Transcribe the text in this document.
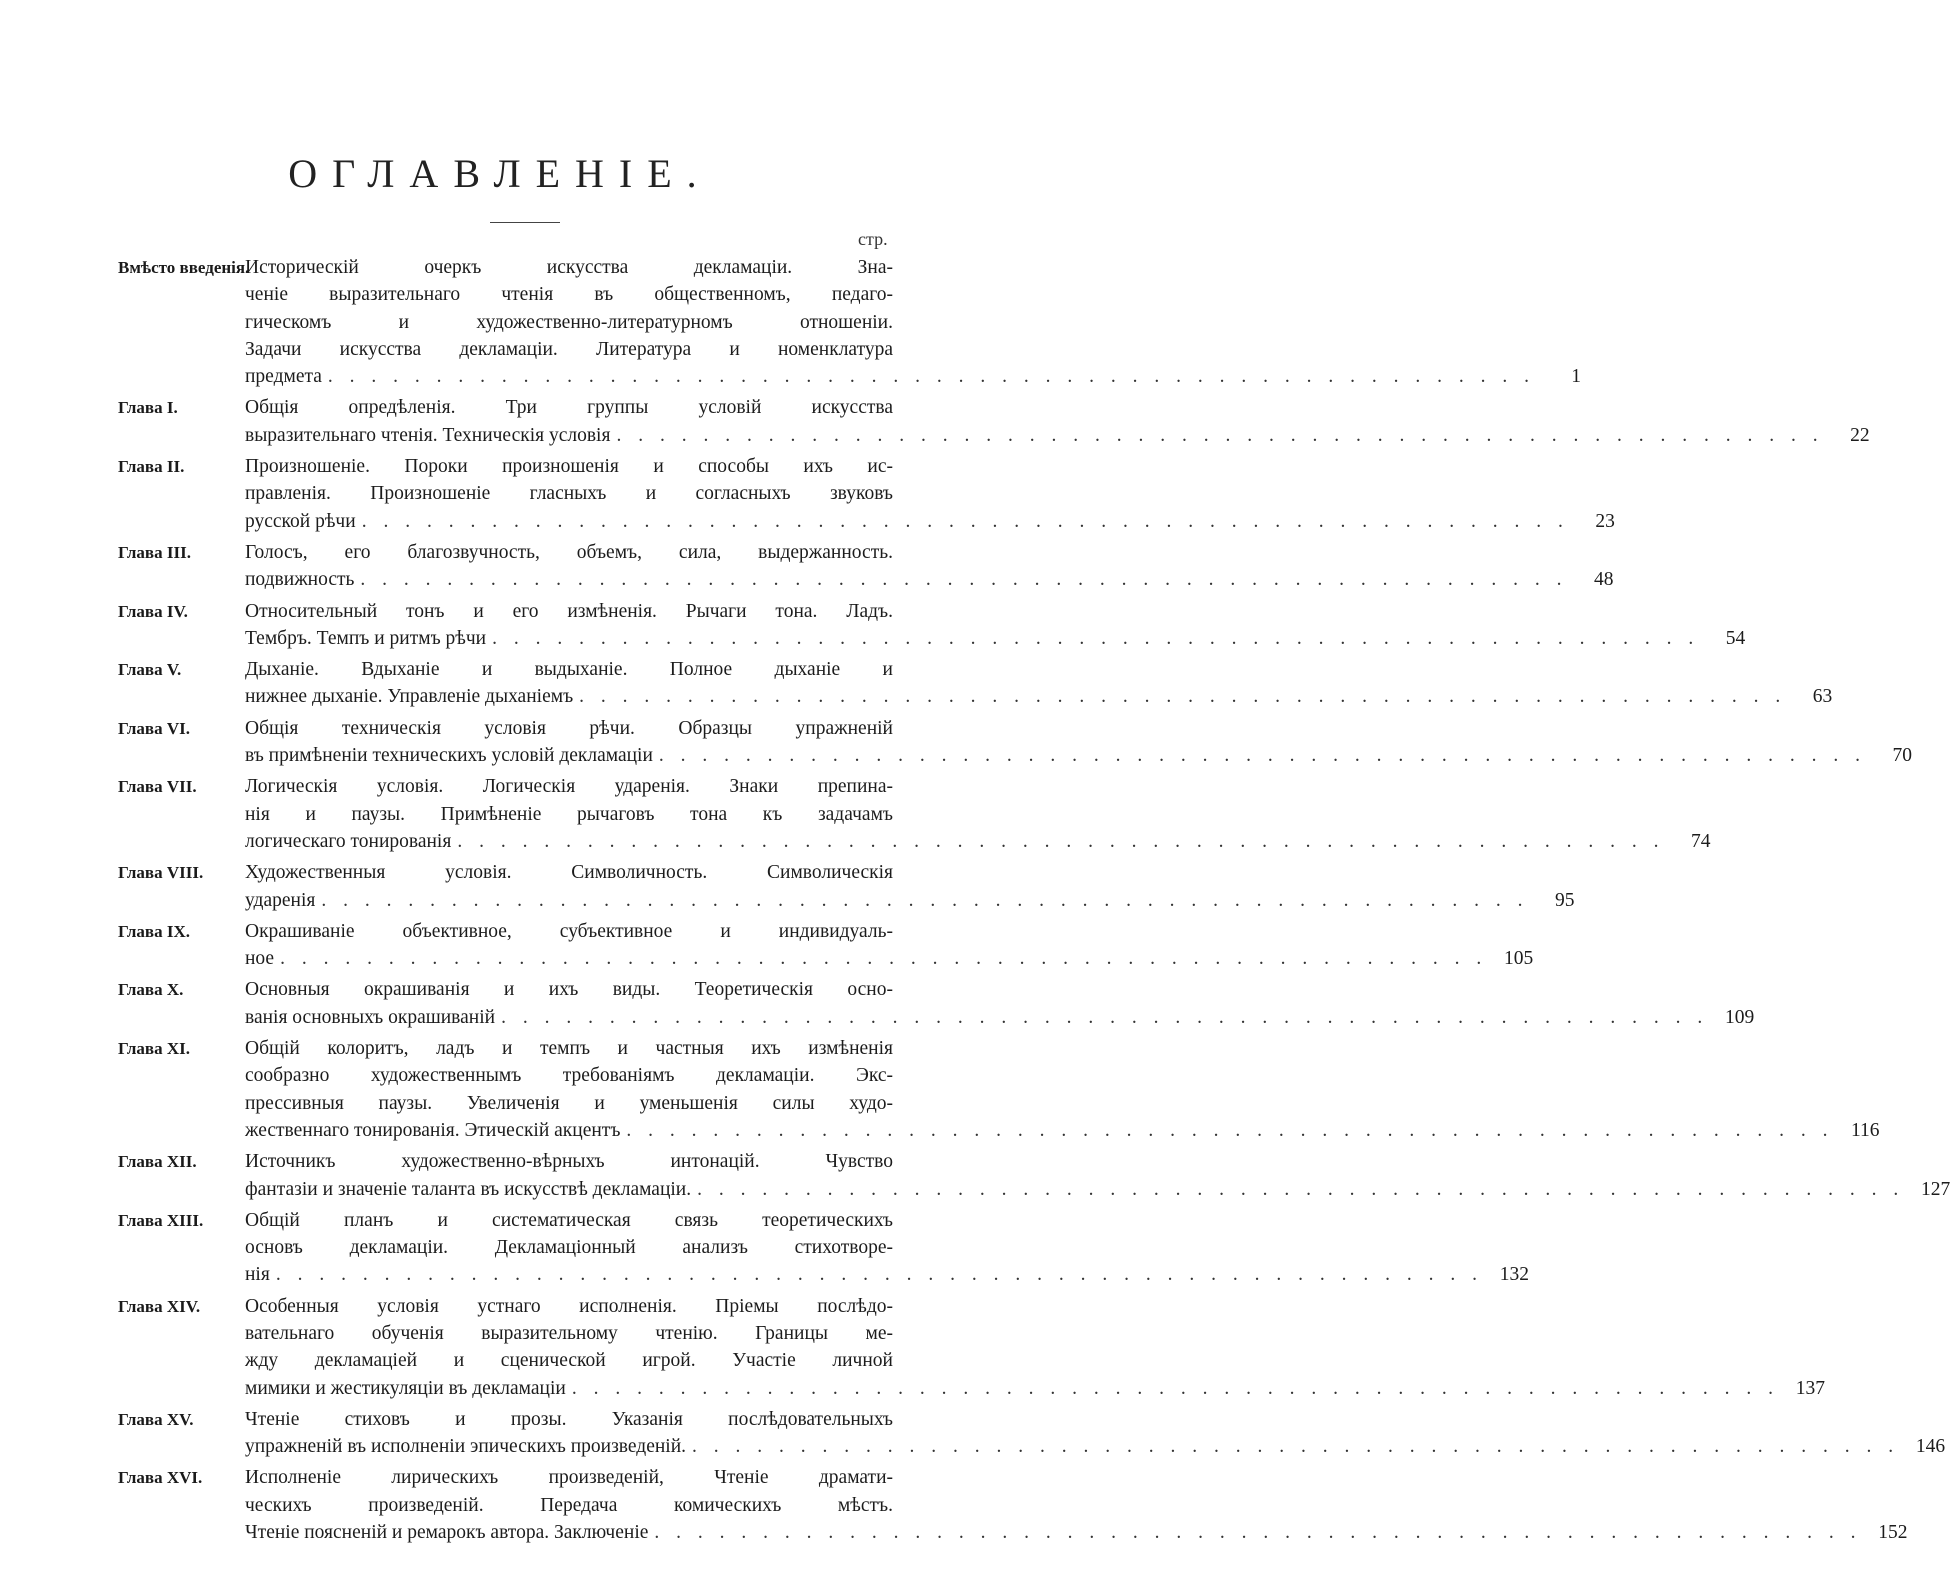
ОГЛАВЛЕНІЕ.
стр.
Вмѣсто введенія.
Историческій очеркъ искусства декламаціи. Зна-
ченіе выразительнаго чтенія въ общественномъ, педаго-
гическомъ и художественно-литературномъ отношеніи.
Задачи искусства декламаціи. Литература и номенклатура
предмета . . . . . . . . . . . . . . . . . . . . . . . . . . . . . . . . . . . . . . . . . . . . . . . . . . . . . . . .	1
Глава I.	Общія опредѣленія. Три группы условій искусства
выразительнаго чтенія. Техническія условія . . . . . . . . . . . . . . . . . . . . . . . . . . . . . . . . . . . . . . . . . . . . . . . . . . . . . . . .	22
Глава II.	Произношеніе. Пороки произношенія и способы ихъ ис-
правленія. Произношеніе гласныхъ и согласныхъ звуковъ
русской рѣчи . . . . . . . . . . . . . . . . . . . . . . . . . . . . . . . . . . . . . . . . . . . . . . . . . . . . . . . .	23
Глава III.	Голосъ, его благозвучность, объемъ, сила, выдержанность.
подвижность . . . . . . . . . . . . . . . . . . . . . . . . . . . . . . . . . . . . . . . . . . . . . . . . . . . . . . . .	48
Глава IV.	Относительный тонъ и его измѣненія. Рычаги тона. Ладъ.
Тембръ. Темпъ и ритмъ рѣчи . . . . . . . . . . . . . . . . . . . . . . . . . . . . . . . . . . . . . . . . . . . . . . . . . . . . . . . .	54
Глава V.	Дыханіе. Вдыханіе и выдыханіе. Полное дыханіе и
нижнее дыханіе. Управленіе дыханіемъ . . . . . . . . . . . . . . . . . . . . . . . . . . . . . . . . . . . . . . . . . . . . . . . . . . . . . . . .	63
Глава VI.	Общія техническія условія рѣчи. Образцы упражненій
въ примѣненіи техническихъ условій декламаціи . . . . . . . . . . . . . . . . . . . . . . . . . . . . . . . . . . . . . . . . . . . . . . . . . . . . . . . .	70
Глава VII. Логическія условія. Логическія ударенія. Знаки препина-
нія и паузы. Примѣненіе рычаговъ тона къ задачамъ
логическаго тонированія . . . . . . . . . . . . . . . . . . . . . . . . . . . . . . . . . . . . . . . . . . . . . . . . . . . . . . . .	74
Глава VIII. Художественныя условія. Символичность. Символическія
ударенія . . . . . . . . . . . . . . . . . . . . . . . . . . . . . . . . . . . . . . . . . . . . . . . . . . . . . . . .	95
Глава IX.	Окрашиваніе объективное, субъективное и индивидуаль-
ное . . . . . . . . . . . . . . . . . . . . . . . . . . . . . . . . . . . . . . . . . . . . . . . . . . . . . . . . 105
Глава X.	Основныя окрашиванія и ихъ виды. Теоретическія осно-
ванія основныхъ окрашиваній . . . . . . . . . . . . . . . . . . . . . . . . . . . . . . . . . . . . . . . . . . . . . . . . . . . . . . . . 109
Глава XI.	Общій колоритъ, ладъ и темпъ и частныя ихъ измѣненія
сообразно художественнымъ требованіямъ декламаціи. Экс-
прессивныя паузы. Увеличенія и уменьшенія силы худо-
жественнаго тонированія. Этическій акцентъ . . . . . . . . . . . . . . . . . . . . . . . . . . . . . . . . . . . . . . . . . . . . . . . . . . . . . . . . 116
Глава XII. Источникъ художественно-вѣрныхъ интонацій. Чувство
фантазіи и значеніе таланта въ искусствѣ декламаціи. . . . . . . . . . . . . . . . . . . . . . . . . . . . . . . . . . . . . . . . . . . . . . . . . . . . . . . . . 127
Глава XIII. Общій планъ и систематическая связь теоретическихъ
основъ декламаціи. Декламаціонный анализъ стихотворе-
нія . . . . . . . . . . . . . . . . . . . . . . . . . . . . . . . . . . . . . . . . . . . . . . . . . . . . . . . . 132
Глава XIV. Особенныя условія устнаго исполненія. Пріемы послѣдо-
вательнаго обученія выразительному чтенію. Границы ме-
жду декламаціей и сценической игрой. Участіе личной
мимики и жестикуляціи въ декламаціи . . . . . . . . . . . . . . . . . . . . . . . . . . . . . . . . . . . . . . . . . . . . . . . . . . . . . . . . 137
Глава XV.	Чтеніе стиховъ и прозы. Указанія послѣдовательныхъ
упражненій въ исполненіи эпическихъ произведеній. . . . . . . . . . . . . . . . . . . . . . . . . . . . . . . . . . . . . . . . . . . . . . . . . . . . . . . . . 146
Глава XVI. Исполненіе лирическихъ произведеній, Чтеніе драмати-
ческихъ произведеній. Передача комическихъ мѣстъ.
Чтеніе поясненій и ремарокъ автора. Заключеніе . . . . . . . . . . . . . . . . . . . . . . . . . . . . . . . . . . . . . . . . . . . . . . . . . . . . . . . . 152
